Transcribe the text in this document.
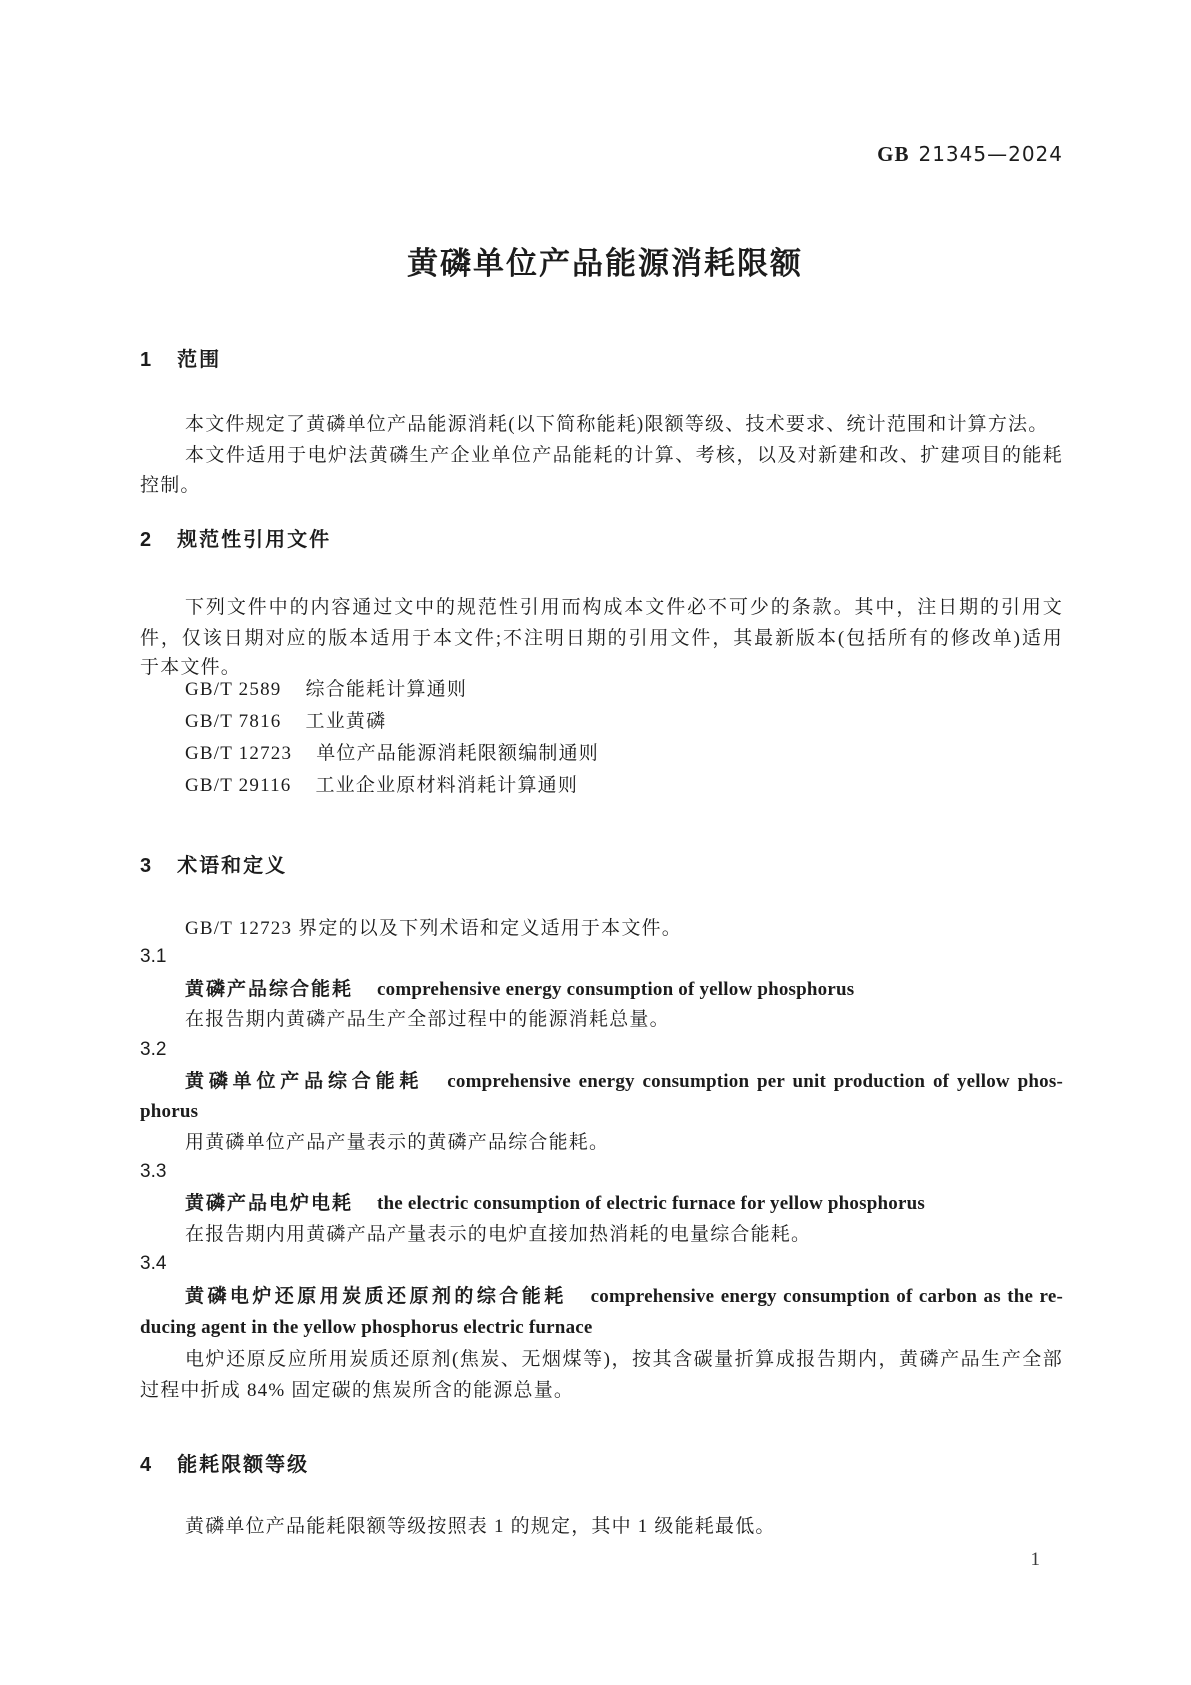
GB 21345—2024
黄磷单位产品能源消耗限额
1 范围
本文件规定了黄磷单位产品能源消耗(以下简称能耗)限额等级、技术要求、统计范围和计算方法。
本文件适用于电炉法黄磷生产企业单位产品能耗的计算、考核，以及对新建和改、扩建项目的能耗
控制。
2 规范性引用文件
下列文件中的内容通过文中的规范性引用而构成本文件必不可少的条款。其中，注日期的引用文
件，仅该日期对应的版本适用于本文件;不注明日期的引用文件，其最新版本(包括所有的修改单)适用
于本文件。
GB/T 2589 综合能耗计算通则
GB/T 7816 工业黄磷
GB/T 12723 单位产品能源消耗限额编制通则
GB/T 29116 工业企业原材料消耗计算通则
3 术语和定义
GB/T 12723 界定的以及下列术语和定义适用于本文件。
3.1
黄磷产品综合能耗 comprehensive energy consumption of yellow phosphorus
在报告期内黄磷产品生产全部过程中的能源消耗总量。
3.2
黄磷单位产品综合能耗 comprehensive energy consumption per unit production of yellow phos-
phorus
用黄磷单位产品产量表示的黄磷产品综合能耗。
3.3
黄磷产品电炉电耗 the electric consumption of electric furnace for yellow phosphorus
在报告期内用黄磷产品产量表示的电炉直接加热消耗的电量综合能耗。
3.4
黄磷电炉还原用炭质还原剂的综合能耗 comprehensive energy consumption of carbon as the re-
ducing agent in the yellow phosphorus electric furnace
电炉还原反应所用炭质还原剂(焦炭、无烟煤等)，按其含碳量折算成报告期内，黄磷产品生产全部
过程中折成 84% 固定碳的焦炭所含的能源总量。
4 能耗限额等级
黄磷单位产品能耗限额等级按照表 1 的规定，其中 1 级能耗最低。
1
